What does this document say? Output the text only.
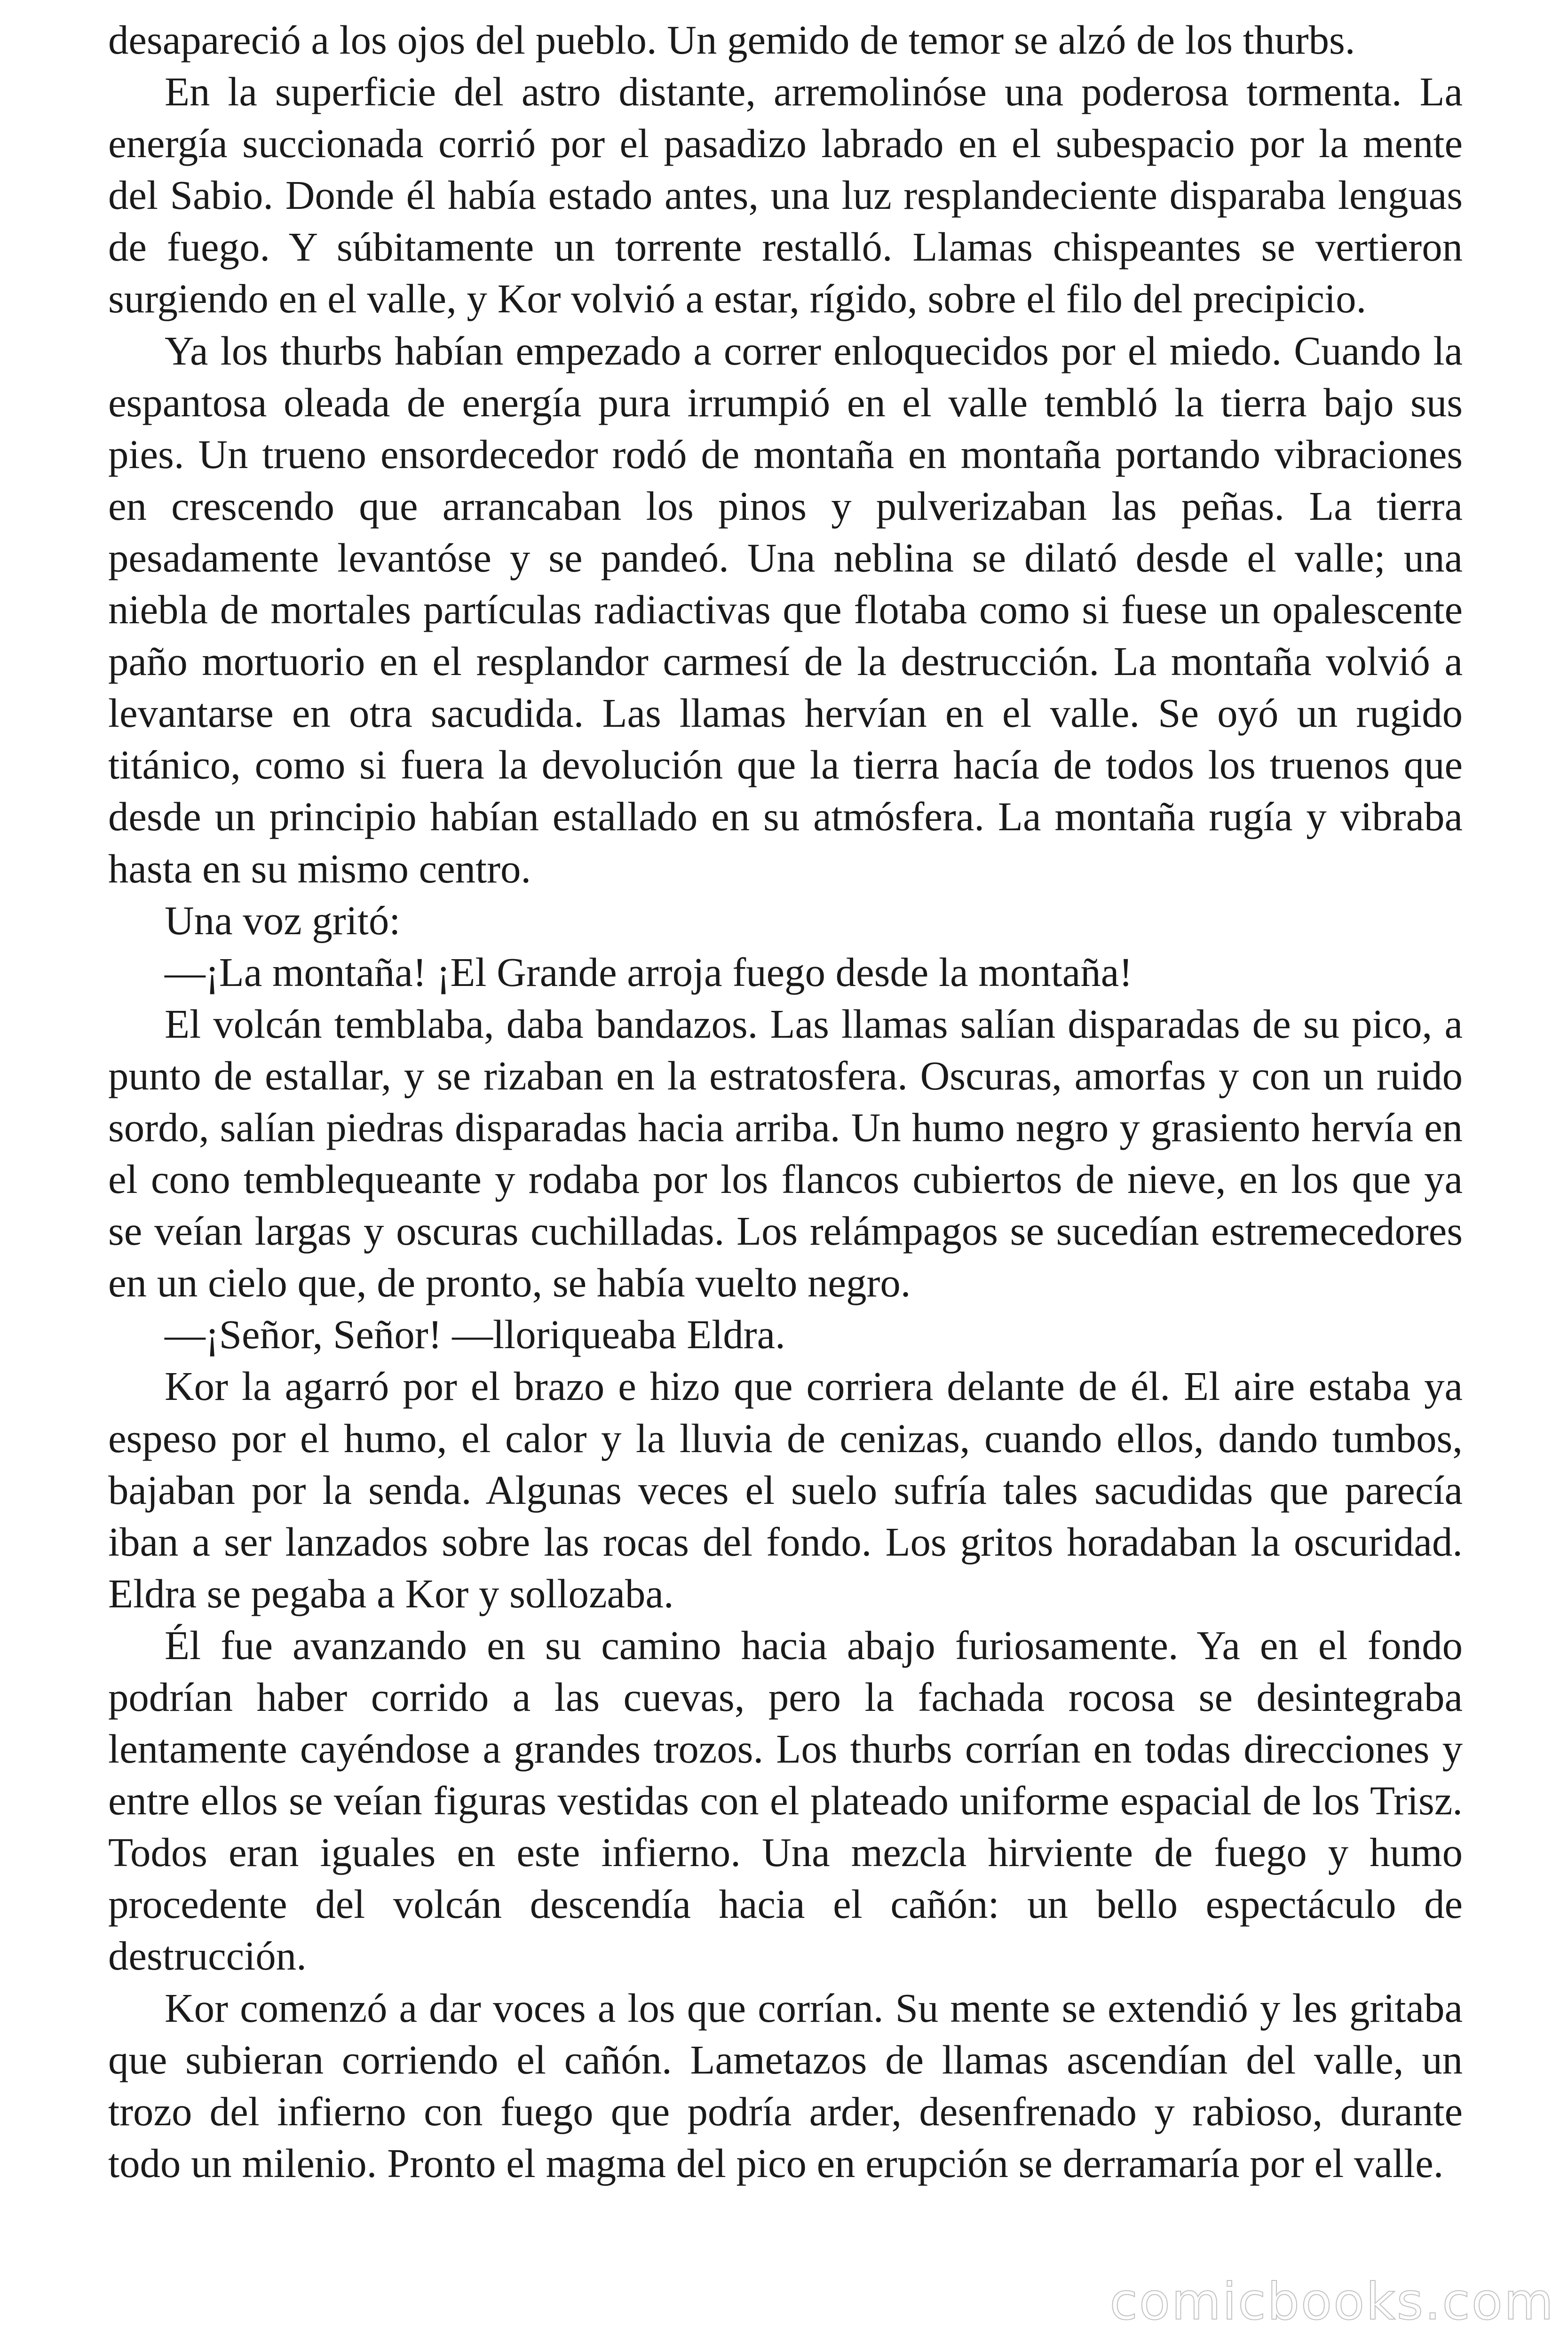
desapareció a los ojos del pueblo. Un gemido de temor se alzó de los thurbs.

En la superficie del astro distante, arremolinóse una poderosa tormenta. La energía succionada corrió por el pasadizo labrado en el subespacio por la mente del Sabio. Donde él había estado antes, una luz resplandeciente disparaba lenguas de fuego. Y súbitamente un torrente restalló. Llamas chispeantes se vertieron surgiendo en el valle, y Kor volvió a estar, rígido, sobre el filo del precipicio.

Ya los thurbs habían empezado a correr enloquecidos por el miedo. Cuando la espantosa oleada de energía pura irrumpió en el valle tembló la tierra bajo sus pies. Un trueno ensordecedor rodó de montaña en montaña portando vibraciones en crescendo que arrancaban los pinos y pulverizaban las peñas. La tierra pesadamente levantóse y se pandeó. Una neblina se dilató desde el valle; una niebla de mortales partículas radiactivas que flotaba como si fuese un opalescente paño mortuorio en el resplandor carmesí de la destrucción. La montaña volvió a levantarse en otra sacudida. Las llamas hervían en el valle. Se oyó un rugido titánico, como si fuera la devolución que la tierra hacía de todos los truenos que desde un principio habían estallado en su atmósfera. La montaña rugía y vibraba hasta en su mismo centro.

Una voz gritó:

—¡La montaña! ¡El Grande arroja fuego desde la montaña!

El volcán temblaba, daba bandazos. Las llamas salían disparadas de su pico, a punto de estallar, y se rizaban en la estratosfera. Oscuras, amorfas y con un ruido sordo, salían piedras disparadas hacia arriba. Un humo negro y grasiento hervía en el cono temblequeante y rodaba por los flancos cubiertos de nieve, en los que ya se veían largas y oscuras cuchilladas. Los relámpagos se sucedían estremecedores en un cielo que, de pronto, se había vuelto negro.

—¡Señor, Señor! —lloriqueaba Eldra.

Kor la agarró por el brazo e hizo que corriera delante de él. El aire estaba ya espeso por el humo, el calor y la lluvia de cenizas, cuando ellos, dando tumbos, bajaban por la senda. Algunas veces el suelo sufría tales sacudidas que parecía iban a ser lanzados sobre las rocas del fondo. Los gritos horadaban la oscuridad. Eldra se pegaba a Kor y sollozaba.

Él fue avanzando en su camino hacia abajo furiosamente. Ya en el fondo podrían haber corrido a las cuevas, pero la fachada rocosa se desintegraba lentamente cayéndose a grandes trozos. Los thurbs corrían en todas direcciones y entre ellos se veían figuras vestidas con el plateado uniforme espacial de los Trisz. Todos eran iguales en este infierno. Una mezcla hirviente de fuego y humo procedente del volcán descendía hacia el cañón: un bello espectáculo de destrucción.

Kor comenzó a dar voces a los que corrían. Su mente se extendió y les gritaba que subieran corriendo el cañón. Lametazos de llamas ascendían del valle, un trozo del infierno con fuego que podría arder, desenfrenado y rabioso, durante todo un milenio. Pronto el magma del pico en erupción se derramaría por el valle.

comicbooks.com
